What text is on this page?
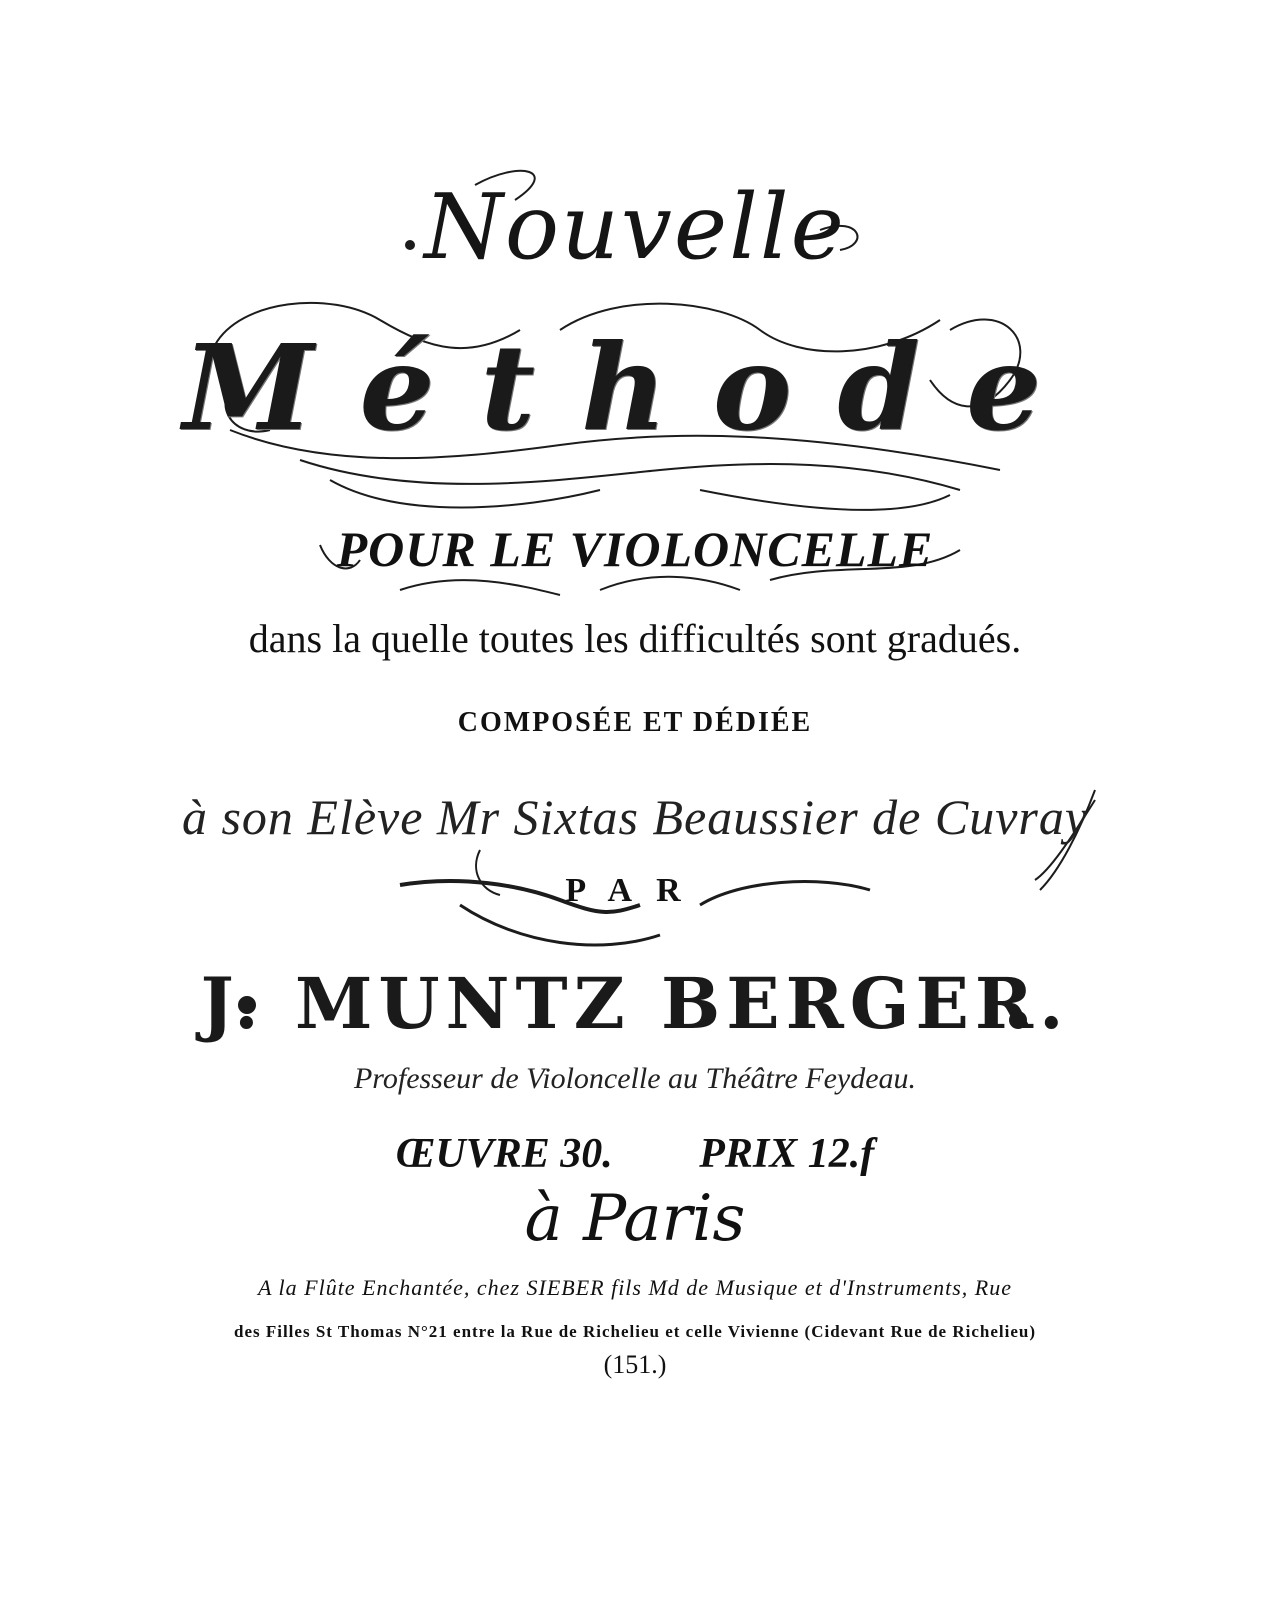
Nouvelle
Méthode
POUR LE VIOLONCELLE
dans la quelle toutes les difficultés sont gradués.
COMPOSÉE ET DÉDIÉE
à son Elève Mr Sixtas Beaussier de Cuvray
PAR
J. MUNTZ BERGER.
Professeur de Violoncelle au Théâtre Feydeau.
ŒUVRE 30. PRIX 12.f
à Paris
A la Flûte Enchantée, chez SIEBER fils Md de Musique et d'Instruments, Rue
des Filles St Thomas N°21 entre la Rue de Richelieu et celle Vivienne (Cidevant Rue de Richelieu)
(151.)
